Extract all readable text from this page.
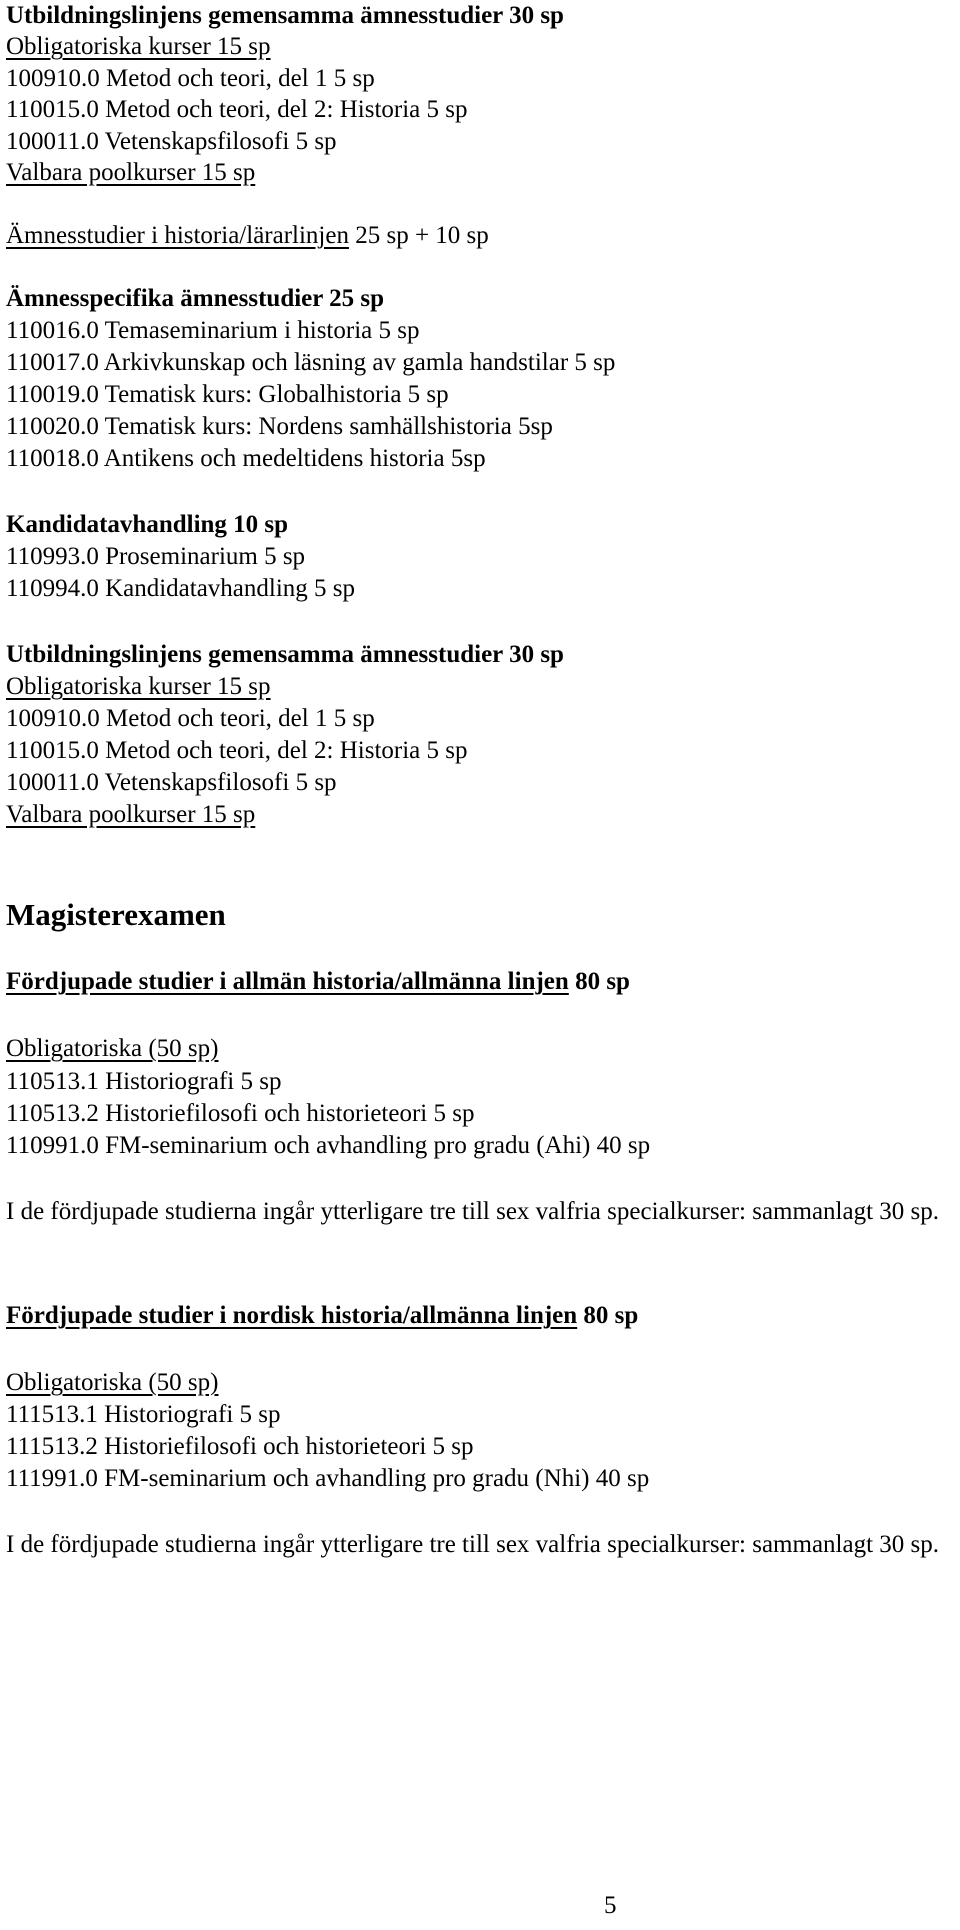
Utbildningslinjens gemensamma ämnesstudier 30 sp
Obligatoriska kurser 15 sp
100910.0 Metod och teori, del 1 5 sp
110015.0 Metod och teori, del 2: Historia 5 sp
100011.0 Vetenskapsfilosofi 5 sp
Valbara poolkurser 15 sp
Ämnesstudier i historia/lärarlinjen 25 sp + 10 sp
Ämnesspecifika ämnesstudier 25 sp
110016.0 Temaseminarium i historia 5 sp
110017.0 Arkivkunskap och läsning av gamla handstilar 5 sp
110019.0 Tematisk kurs: Globalhistoria 5 sp
110020.0 Tematisk kurs: Nordens samhällshistoria 5sp
110018.0 Antikens och medeltidens historia 5sp
Kandidatavhandling 10 sp
110993.0 Proseminarium 5 sp
110994.0 Kandidatavhandling 5 sp
Utbildningslinjens gemensamma ämnesstudier 30 sp
Obligatoriska kurser 15 sp
100910.0 Metod och teori, del 1 5 sp
110015.0 Metod och teori, del 2: Historia 5 sp
100011.0 Vetenskapsfilosofi 5 sp
Valbara poolkurser 15 sp
Magisterexamen
Fördjupade studier i allmän historia/allmänna linjen 80 sp
Obligatoriska (50 sp)
110513.1 Historiografi 5 sp
110513.2 Historiefilosofi och historieteori 5 sp
110991.0 FM-seminarium och avhandling pro gradu (Ahi) 40 sp
I de fördjupade studierna ingår ytterligare tre till sex valfria specialkurser: sammanlagt 30 sp.
Fördjupade studier i nordisk historia/allmänna linjen 80 sp
Obligatoriska (50 sp)
111513.1 Historiografi 5 sp
111513.2 Historiefilosofi och historieteori 5 sp
111991.0 FM-seminarium och avhandling pro gradu (Nhi) 40 sp
I de fördjupade studierna ingår ytterligare tre till sex valfria specialkurser: sammanlagt 30 sp.
5
